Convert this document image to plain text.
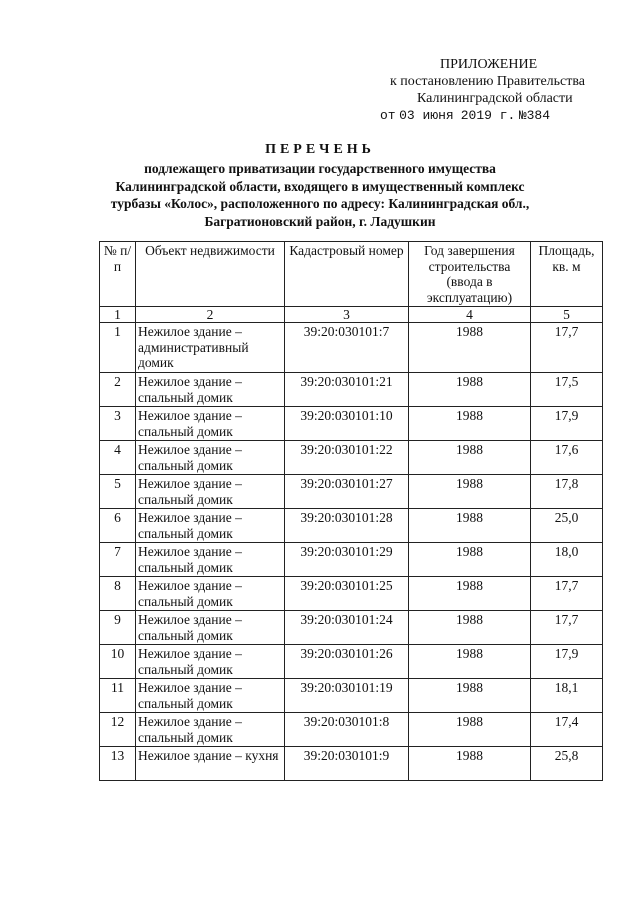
ПРИЛОЖЕНИЕ
к постановлению Правительства
Калининградской области
от 03 июня 2019 г. №384
ПЕРЕЧЕНЬ
подлежащего приватизации государственного имущества
Калининградской области, входящего в имущественный комплекс
турбазы «Колос», расположенного по адресу: Калининградская обл.,
Багратионовский район, г. Ладушкин
№ п/п	Объект недвижимости	Кадастровый номер	Год завершения строительства (ввода в эксплуатацию)	Площадь, кв. м
1	2	3	4	5
1	Нежилое здание – административный домик	39:20:030101:7	1988	17,7
2	Нежилое здание – спальный домик	39:20:030101:21	1988	17,5
3	Нежилое здание – спальный домик	39:20:030101:10	1988	17,9
4	Нежилое здание – спальный домик	39:20:030101:22	1988	17,6
5	Нежилое здание – спальный домик	39:20:030101:27	1988	17,8
6	Нежилое здание – спальный домик	39:20:030101:28	1988	25,0
7	Нежилое здание – спальный домик	39:20:030101:29	1988	18,0
8	Нежилое здание – спальный домик	39:20:030101:25	1988	17,7
9	Нежилое здание – спальный домик	39:20:030101:24	1988	17,7
10	Нежилое здание – спальный домик	39:20:030101:26	1988	17,9
11	Нежилое здание – спальный домик	39:20:030101:19	1988	18,1
12	Нежилое здание – спальный домик	39:20:030101:8	1988	17,4
13	Нежилое здание – кухня	39:20:030101:9	1988	25,8
